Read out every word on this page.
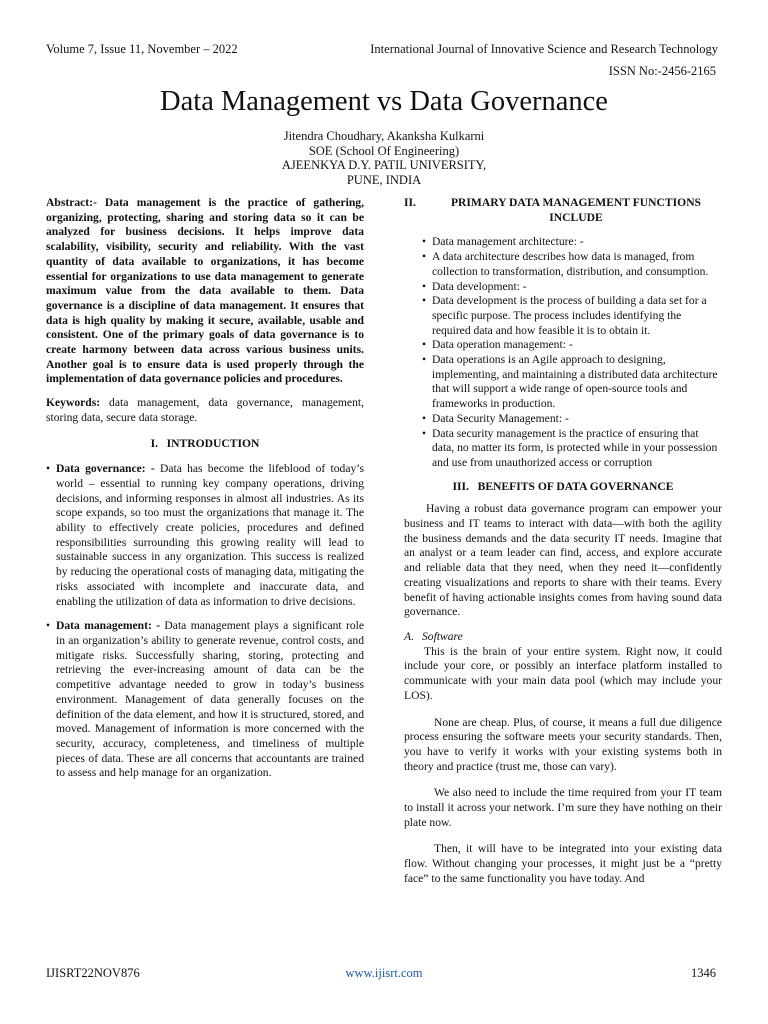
Volume 7, Issue 11, November – 2022	International Journal of Innovative Science and Research Technology
ISSN No:-2456-2165
Data Management vs Data Governance
Jitendra Choudhary, Akanksha Kulkarni
SOE (School Of Engineering)
AJEENKYA D.Y. PATIL UNIVERSITY,
PUNE, INDIA

Abstract:- Data management is the practice of gathering, organizing, protecting, sharing and storing data so it can be analyzed for business decisions. It helps improve data scalability, visibility, security and reliability. With the vast quantity of data available to organizations, it has become essential for organizations to use data management to generate maximum value from the data available to them. Data governance is a discipline of data management. It ensures that data is high quality by making it secure, available, usable and consistent. One of the primary goals of data governance is to create harmony between data across various business units. Another goal is to ensure data is used properly through the implementation of data governance policies and procedures.

Keywords: data management, data governance, management, storing data, secure data storage.

I.   INTRODUCTION

• Data governance: - Data has become the lifeblood of today’s world – essential to running key company operations, driving decisions, and informing responses in almost all industries. As its scope expands, so too must the organizations that manage it. The ability to effectively create policies, procedures and defined responsibilities surrounding this growing reality will lead to sustainable success in any organization. This success is realized by reducing the operational costs of managing data, mitigating the risks associated with incomplete and inaccurate data, and enabling the utilization of data as information to drive decisions.
• Data management: - Data management plays a significant role in an organization’s ability to generate revenue, control costs, and mitigate risks. Successfully sharing, storing, protecting and retrieving the ever-increasing amount of data can be the competitive advantage needed to grow in today’s business environment. Management of data generally focuses on the definition of the data element, and how it is structured, stored, and moved. Management of information is more concerned with the security, accuracy, completeness, and timeliness of multiple pieces of data. These are all concerns that accountants are trained to assess and help manage for an organization.
II.	PRIMARY DATA MANAGEMENT FUNCTIONS INCLUDE
• Data management architecture: -
• A data architecture describes how data is managed, from collection to transformation, distribution, and consumption.
• Data development: -
• Data development is the process of building a data set for a specific purpose. The process includes identifying the required data and how feasible it is to obtain it.
• Data operation management: -
• Data operations is an Agile approach to designing, implementing, and maintaining a distributed data architecture that will support a wide range of open-source tools and frameworks in production.
• Data Security Management: -
• Data security management is the practice of ensuring that data, no matter its form, is protected while in your possession and use from unauthorized access or corruption

III.   BENEFITS OF DATA GOVERNANCE

Having a robust data governance program can empower your business and IT teams to interact with data—with both the agility the business demands and the data security IT needs. Imagine that an analyst or a team leader can find, access, and explore accurate and reliable data that they need, when they need it—confidently creating visualizations and reports to share with their teams. Every benefit of having actionable insights comes from having sound data governance.

A. Software

This is the brain of your entire system. Right now, it could include your core, or possibly an interface platform installed to communicate with your main data pool (which may include your LOS).

None are cheap. Plus, of course, it means a full due diligence process ensuring the software meets your security standards. Then, you have to verify it works with your existing systems both in theory and practice (trust me, those can vary).

We also need to include the time required from your IT team to install it across your network. I’m sure they have nothing on their plate now.

Then, it will have to be integrated into your existing data flow. Without changing your processes, it might just be a “pretty face” to the same functionality you have today. And

IJISRT22NOV876	www.ijisrt.com	1346
